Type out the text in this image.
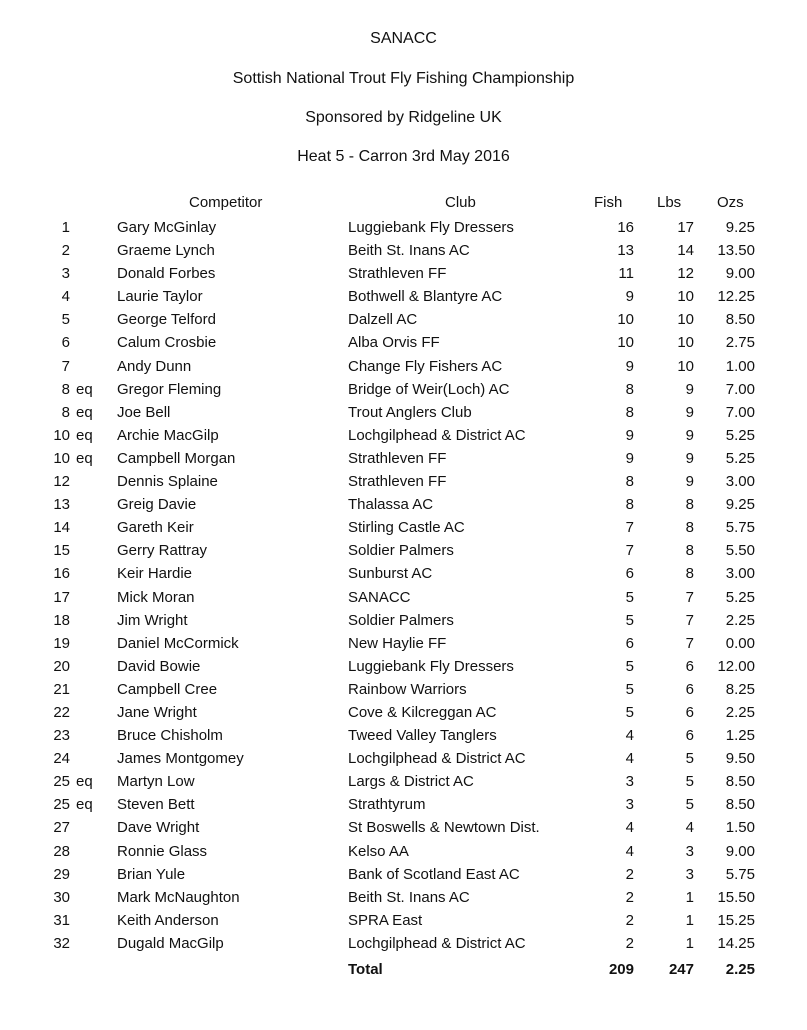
SANACC
Sottish National Trout Fly Fishing Championship
Sponsored by Ridgeline UK
Heat 5 - Carron 3rd May 2016
Competitor	Club	Fish Lbs Ozs
1	Gary McGinlay	Luggiebank Fly Dressers	16	17 9.25
2	Graeme Lynch	Beith St. Inans AC	13	14 13.50
3	Donald Forbes	Strathleven FF	11	12 9.00
4	Laurie Taylor	Bothwell & Blantyre AC	9	10 12.25
5	George Telford	Dalzell AC	10	10 8.50
6	Calum Crosbie	Alba Orvis FF	10	10 2.75
7	Andy Dunn	Change Fly Fishers AC	9	10 1.00
8 eq Gregor Fleming	Bridge of Weir(Loch) AC	8	9 7.00
8 eq Joe Bell	Trout Anglers Club	8	9 7.00
10 eq Archie MacGilp	Lochgilphead & District AC	9	9 5.25
10 eq Campbell Morgan	Strathleven FF	9	9 5.25
12	Dennis Splaine	Strathleven FF	8	9 3.00
13	Greig Davie	Thalassa AC	8	8 9.25
14	Gareth Keir	Stirling Castle AC	7	8 5.75
15	Gerry Rattray	Soldier Palmers	7	8 5.50
16	Keir Hardie	Sunburst AC	6	8 3.00
17	Mick Moran	SANACC	5	7 5.25
18	Jim Wright	Soldier Palmers	5	7 2.25
19	Daniel McCormick	New Haylie FF	6	7 0.00
20	David Bowie	Luggiebank Fly Dressers	5	6 12.00
21	Campbell Cree	Rainbow Warriors	5	6 8.25
22	Jane Wright	Cove & Kilcreggan AC	5	6 2.25
23	Bruce Chisholm	Tweed Valley Tanglers	4	6 1.25
24	James Montgomey	Lochgilphead & District AC	4	5 9.50
25 eq Martyn Low	Largs & District AC	3	5 8.50
25 eq Steven Bett	Strathtyrum	3	5 8.50
27	Dave Wright	St Boswells & Newtown Dist.	4	4 1.50
28	Ronnie Glass	Kelso AA	4	3 9.00
29	Brian Yule	Bank of Scotland East AC	2	3 5.75
30	Mark McNaughton	Beith St. Inans AC	2	1 15.50
31	Keith Anderson	SPRA East	2	1 15.25
32	Dugald MacGilp	Lochgilphead & District AC	2	1 14.25
Total	209 247 2.25
